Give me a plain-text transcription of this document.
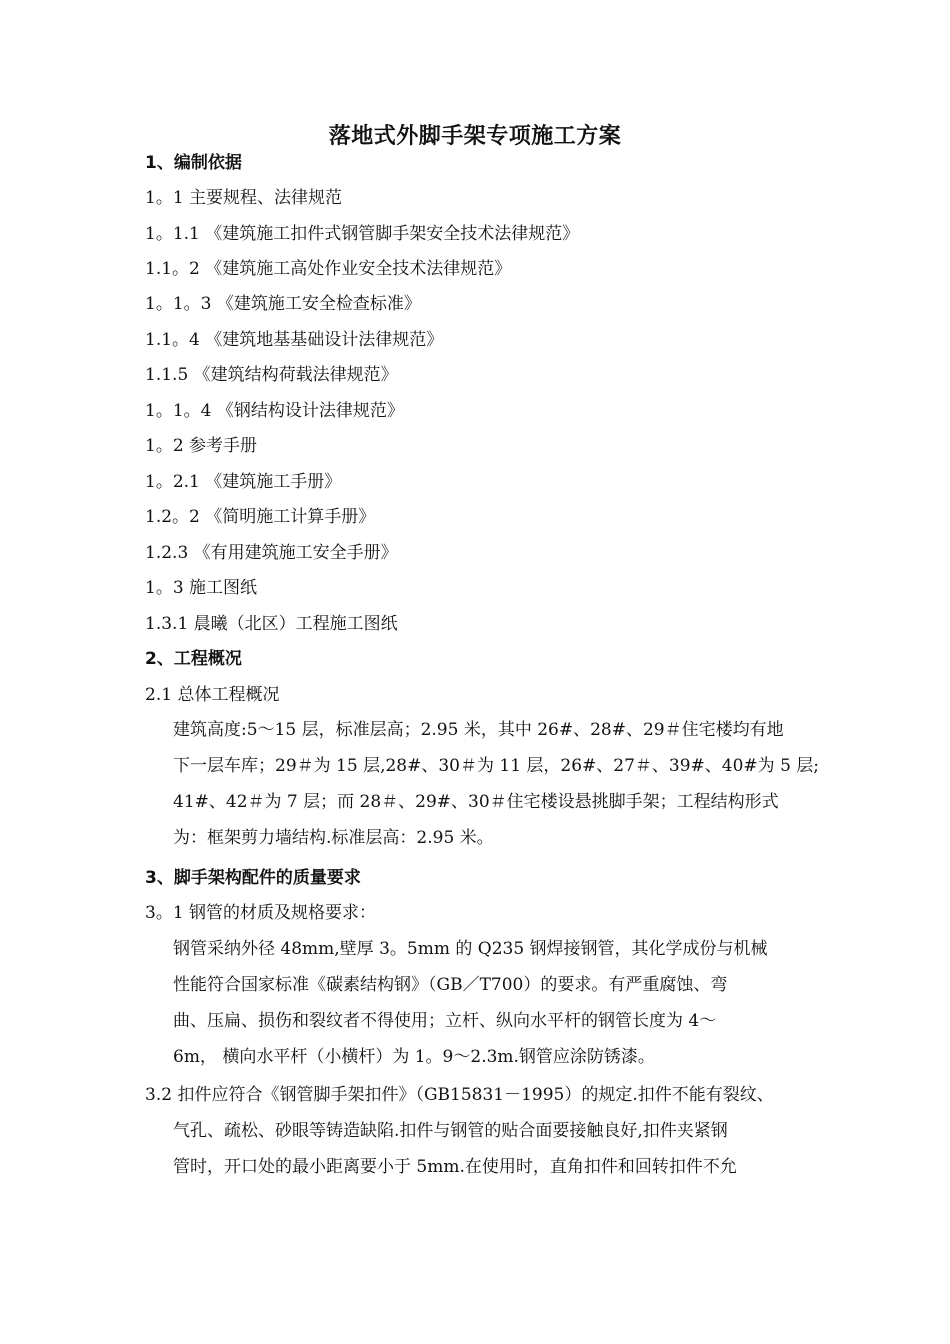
落地式外脚手架专项施工方案
1、编制依据
1。1 主要规程、法律规范
1。1.1 《建筑施工扣件式钢管脚手架安全技术法律规范》
1.1。2 《建筑施工高处作业安全技术法律规范》
1。1。3 《建筑施工安全检查标准》
1.1。4 《建筑地基基础设计法律规范》
1.1.5 《建筑结构荷载法律规范》
1。1。4 《钢结构设计法律规范》
1。2 参考手册
1。2.1 《建筑施工手册》
1.2。2 《简明施工计算手册》
1.2.3 《有用建筑施工安全手册》
1。3 施工图纸
1.3.1 晨曦（北区）工程施工图纸
2、工程概况
2.1 总体工程概况
建筑高度:5～15 层，标准层高；2.95 米，其中 26#、28#、29＃住宅楼均有地
下一层车库；29＃为 15 层,28#、30＃为 11 层，26#、27＃、39#、40#为 5 层;
41#、42＃为 7 层；而 28＃、29#、30＃住宅楼设悬挑脚手架；工程结构形式
为：框架剪力墙结构.标准层高：2.95 米。
3、脚手架构配件的质量要求
3。1 钢管的材质及规格要求：
钢管采纳外径 48mm,壁厚 3。5mm 的 Q235 钢焊接钢管，其化学成份与机械
性能符合国家标准《碳素结构钢》（GB／T700）的要求。有严重腐蚀、弯
曲、压扁、损伤和裂纹者不得使用；立杆、纵向水平杆的钢管长度为 4～
6m， 横向水平杆（小横杆）为 1。9～2.3m.钢管应涂防锈漆。
3.2 扣件应符合《钢管脚手架扣件》（GB15831－1995）的规定.扣件不能有裂纹、
气孔、疏松、砂眼等铸造缺陷.扣件与钢管的贴合面要接触良好,扣件夹紧钢
管时，开口处的最小距离要小于 5mm.在使用时，直角扣件和回转扣件不允
